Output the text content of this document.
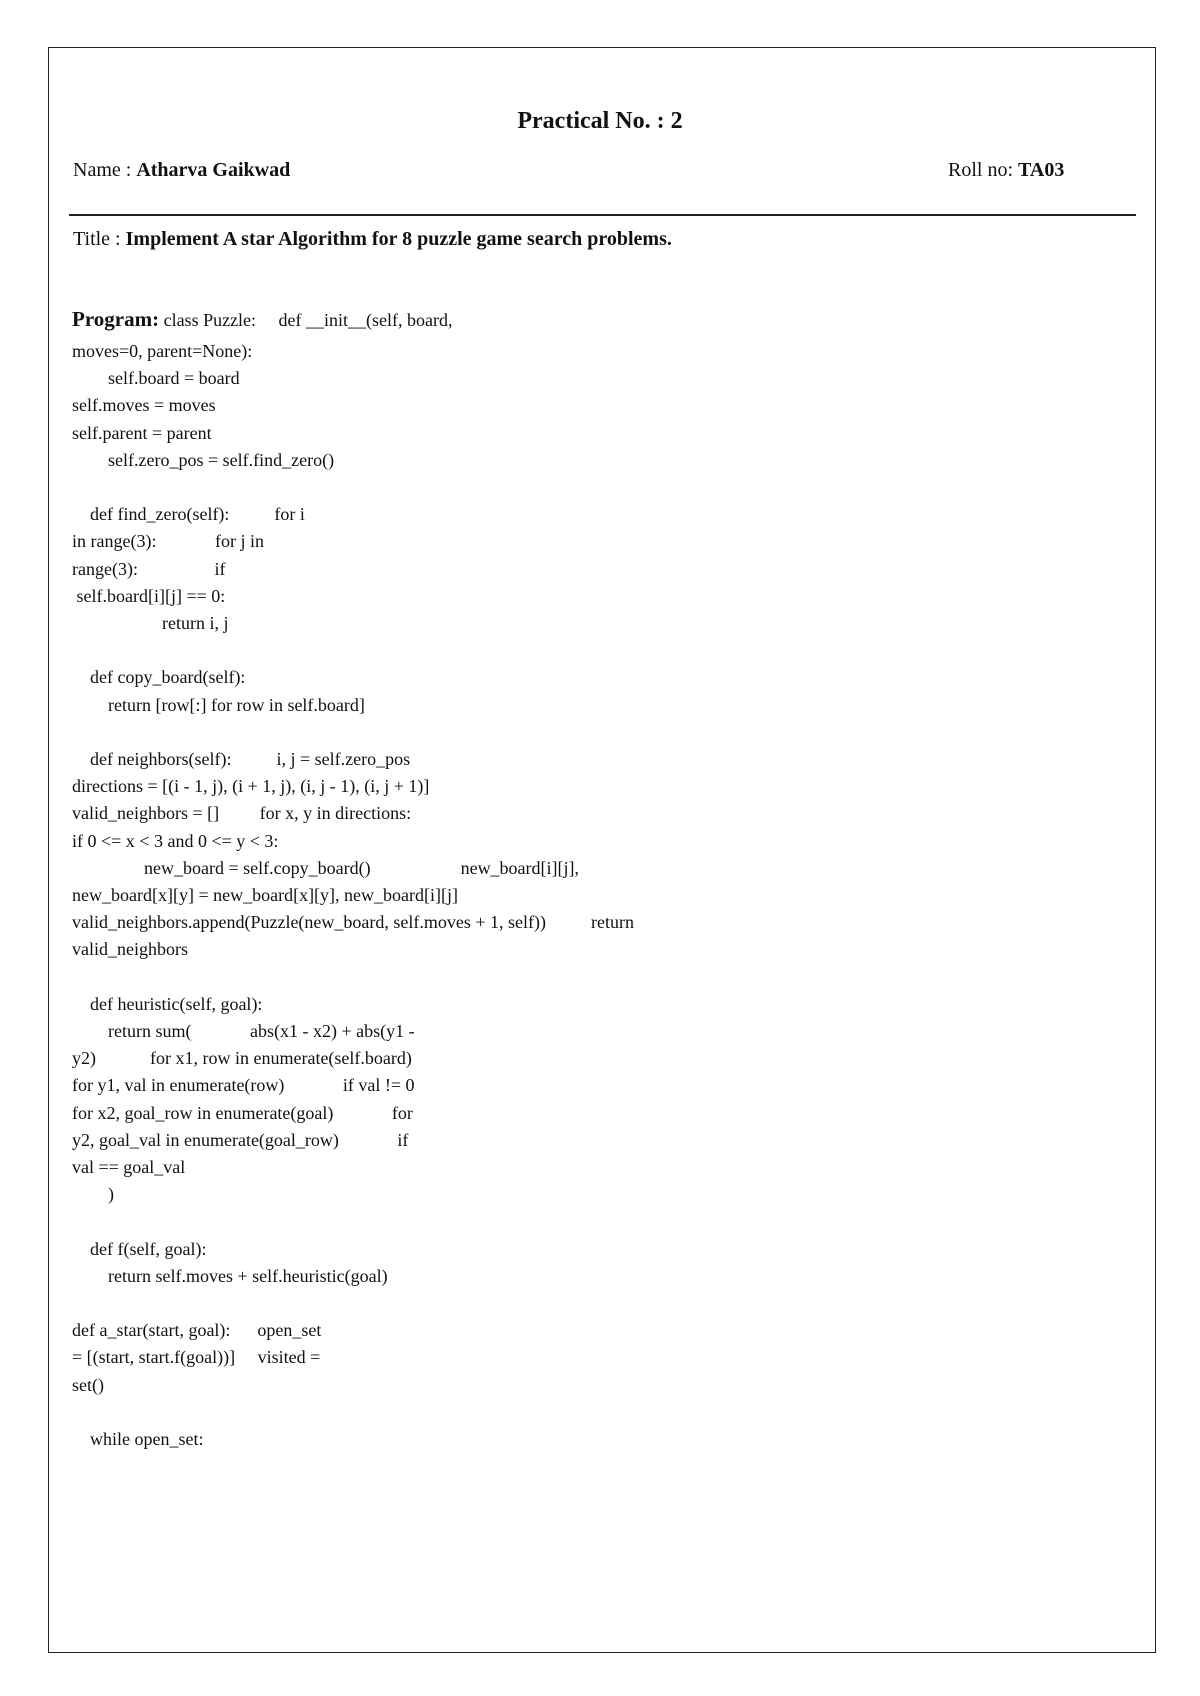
Practical No. : 2
Name : Atharva Gaikwad	Roll no: TA03
Title : Implement A star Algorithm for 8 puzzle game search problems.
Program: class Puzzle:     def __init__(self, board,
moves=0, parent=None):
self.board = board
self.moves = moves
self.parent = parent
self.zero_pos = self.find_zero()
def find_zero(self):          for i
in range(3):             for j in
range(3):                 if
self.board[i][j] == 0:
return i, j
def copy_board(self):
return [row[:] for row in self.board]
def neighbors(self):          i, j = self.zero_pos
directions = [(i - 1, j), (i + 1, j), (i, j - 1), (i, j + 1)]
valid_neighbors = []         for x, y in directions:
if 0 <= x < 3 and 0 <= y < 3:
new_board = self.copy_board()                    new_board[i][j],
new_board[x][y] = new_board[x][y], new_board[i][j]
valid_neighbors.append(Puzzle(new_board, self.moves + 1, self))          return
valid_neighbors
def heuristic(self, goal):
return sum(             abs(x1 - x2) + abs(y1 -
y2)            for x1, row in enumerate(self.board)
for y1, val in enumerate(row)             if val != 0
for x2, goal_row in enumerate(goal)             for
y2, goal_val in enumerate(goal_row)             if
val == goal_val
)
def f(self, goal):
return self.moves + self.heuristic(goal)
def a_star(start, goal):      open_set
= [(start, start.f(goal))]     visited =
set()
while open_set:
